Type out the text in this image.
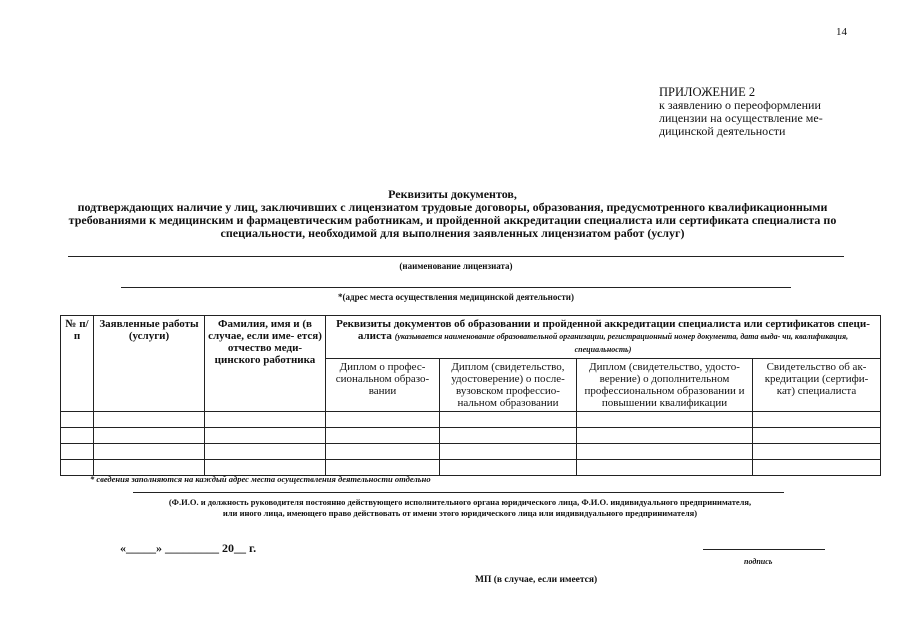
14
ПРИЛОЖЕНИЕ 2
к заявлению о переоформлении
лицензии на осуществление ме-
дицинской деятельности
Реквизиты документов,
подтверждающих наличие у лиц, заключивших с лицензиатом трудовые договоры, образования, предусмотренного квалификационными
требованиями к медицинским и фармацевтическим работникам, и пройденной аккредитации специалиста или сертификата специалиста по
специальности, необходимой для выполнения заявленных лицензиатом работ (услуг)
(наименование лицензиата)
*(адрес места осуществления медицинской деятельности)
№ п/п	Заявленные работы (услуги)	Фамилия, имя и (в случае, если име- ется) отчество меди- цинского работника	Реквизиты документов об образовании и пройденной аккредитации специалиста или сертификатов специ- алиста (указывается наименование образовательной организации, регистрационный номер документа, дата выда- чи, квалификация, специальность)			
			Диплом о профес- сиональном образо- вании	Диплом (свидетельство, удостоверение) о после- вузовском профессио- нальном образовании	Диплом (свидетельство, удосто- верение) о дополнительном профессиональном образовании и повышении квалификации	Свидетельство об ак- кредитации (сертифи- кат) специалиста

* сведения заполняются на каждый адрес места осуществления деятельности отдельно
(Ф.И.О. и должность руководителя постоянно действующего исполнительного органа юридического лица, Ф.И.О. индивидуального предпринимателя,
или иного лица, имеющего право действовать от имени этого юридического лица или индивидуального предпринимателя)
«_____» _________ 20__ г.
подпись
МП (в случае, если имеется)
